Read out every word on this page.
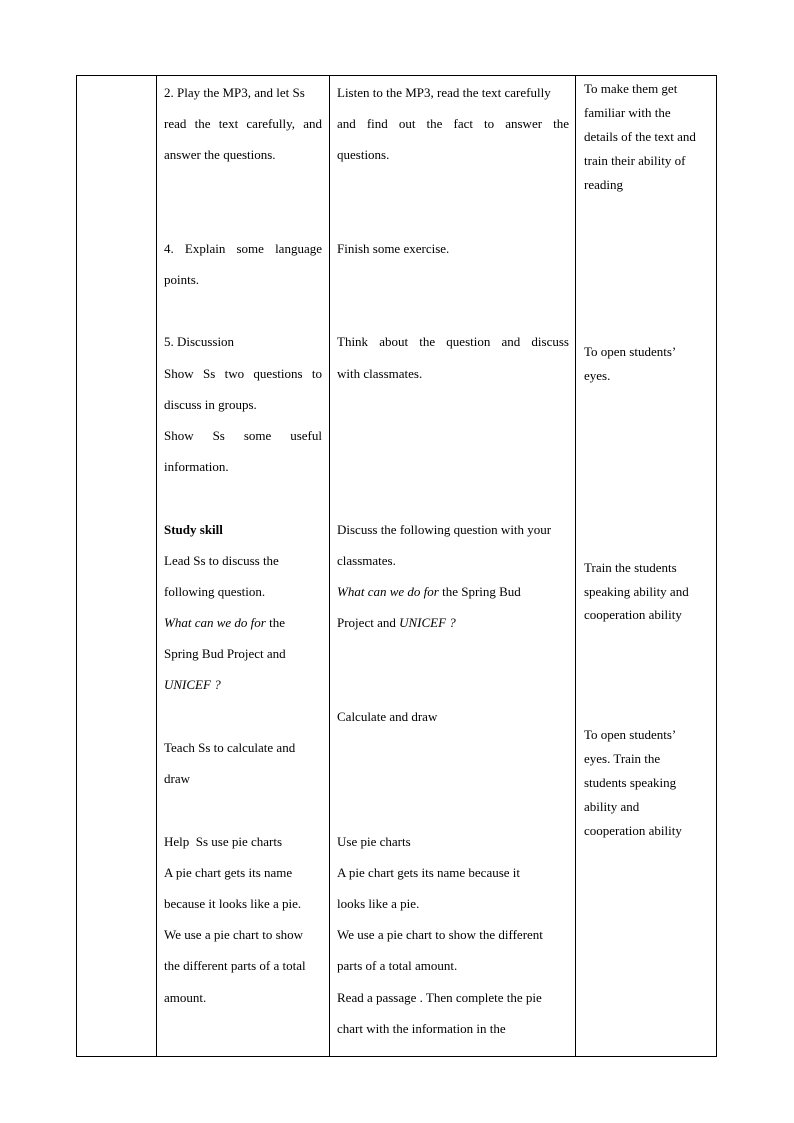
2. Play the MP3, and let Ss
read the text carefully, and
answer the questions.
4. Explain some language
points.
5. Discussion
Show Ss two questions to
discuss in groups.
Show Ss some useful
information.
Study skill
Lead Ss to discuss the
following question.
What can we do for the
Spring Bud Project and
UNICEF ?
Teach Ss to calculate and
draw
Help  Ss use pie charts
A pie chart gets its name
because it looks like a pie.
We use a pie chart to show
the different parts of a total
amount.
Listen to the MP3, read the text carefully
and find out the fact to answer the
questions.
Finish some exercise.
Think about the question and discuss
with classmates.
Discuss the following question with your
classmates.
What can we do for the Spring Bud
Project and UNICEF ?
Calculate and draw
Use pie charts
A pie chart gets its name because it
looks like a pie.
We use a pie chart to show the different
parts of a total amount.
Read a passage . Then complete the pie
chart with the information in the
To make them get
familiar with the
details of the text and
train their ability of
reading
To open students’
eyes.
Train the students
speaking ability and
cooperation ability
To open students’
eyes. Train the
students speaking
ability and
cooperation ability
